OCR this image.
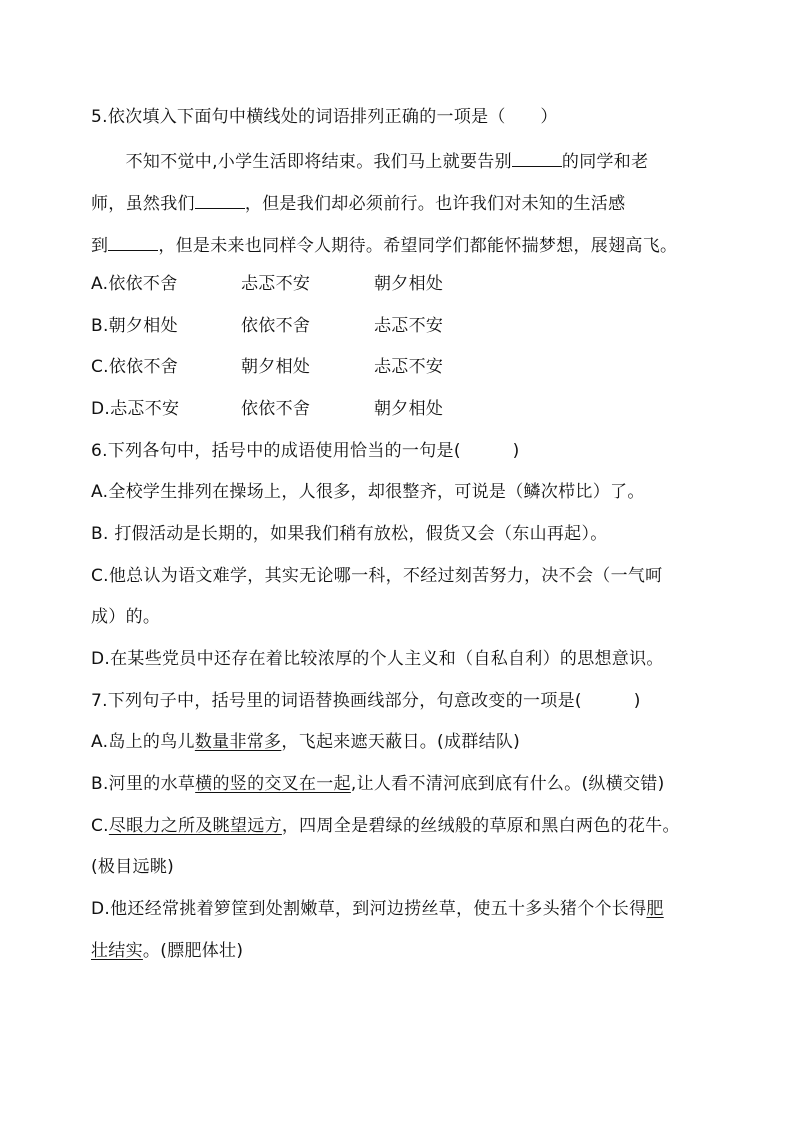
5.依次填入下面句中横线处的词语排列正确的一项是（　　）
　　不知不觉中,小学生活即将结束。我们马上就要告别	的同学和老
师，虽然我们	，但是我们却必须前行。也许我们对未知的生活感
到	，但是未来也同样令人期待。希望同学们都能怀揣梦想，展翅高飞。
A.依依不舍	忐忑不安	朝夕相处
B.朝夕相处	依依不舍	忐忑不安
C.依依不舍	朝夕相处	忐忑不安
D.忐忑不安	依依不舍	朝夕相处
6.下列各句中，括号中的成语使用恰当的一句是(　　　)
A.全校学生排列在操场上，人很多，却很整齐，可说是（鳞次栉比）了。
B. 打假活动是长期的，如果我们稍有放松，假货又会（东山再起）。
C.他总认为语文难学，其实无论哪一科，不经过刻苦努力，决不会（一气呵
成）的。
D.在某些党员中还存在着比较浓厚的个人主义和（自私自利）的思想意识。
7.下列句子中，括号里的词语替换画线部分，句意改变的一项是(　　　)
A.岛上的鸟儿数量非常多，飞起来遮天蔽日。(成群结队)
B.河里的水草横的竖的交叉在一起,让人看不清河底到底有什么。(纵横交错)
C.尽眼力之所及眺望远方，四周全是碧绿的丝绒般的草原和黑白两色的花牛。
(极目远眺)
D.他还经常挑着箩筐到处割嫩草，到河边捞丝草，使五十多头猪个个长得肥
壮结实。(膘肥体壮)
